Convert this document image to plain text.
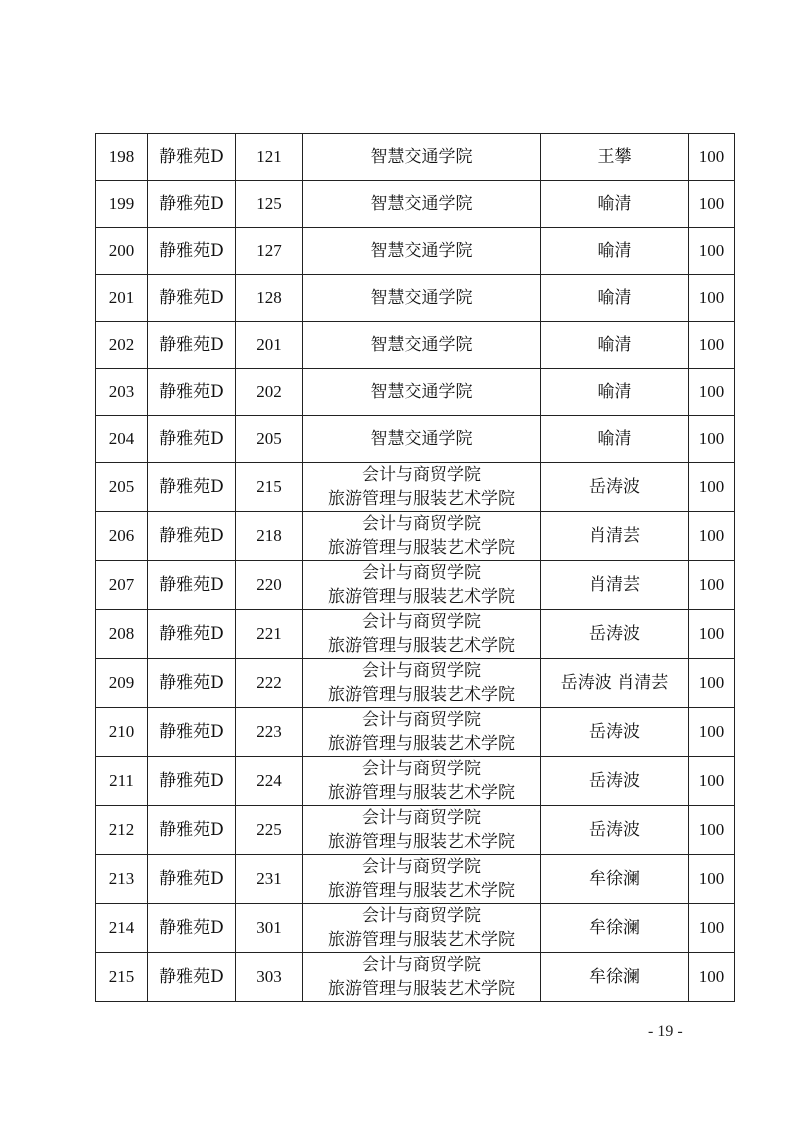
198	静雅苑D	121	智慧交通学院	王攀	100
199	静雅苑D	125	智慧交通学院	喻清	100
200	静雅苑D	127	智慧交通学院	喻清	100
201	静雅苑D	128	智慧交通学院	喻清	100
202	静雅苑D	201	智慧交通学院	喻清	100
203	静雅苑D	202	智慧交通学院	喻清	100
204	静雅苑D	205	智慧交通学院	喻清	100
205	静雅苑D	215	会计与商贸学院
旅游管理与服装艺术学院	岳涛波	100
206	静雅苑D	218	会计与商贸学院
旅游管理与服装艺术学院	肖清芸	100
207	静雅苑D	220	会计与商贸学院
旅游管理与服装艺术学院	肖清芸	100
208	静雅苑D	221	会计与商贸学院
旅游管理与服装艺术学院	岳涛波	100
209	静雅苑D	222	会计与商贸学院
旅游管理与服装艺术学院	岳涛波 肖清芸	100
210	静雅苑D	223	会计与商贸学院
旅游管理与服装艺术学院	岳涛波	100
211	静雅苑D	224	会计与商贸学院
旅游管理与服装艺术学院	岳涛波	100
212	静雅苑D	225	会计与商贸学院
旅游管理与服装艺术学院	岳涛波	100
213	静雅苑D	231	会计与商贸学院
旅游管理与服装艺术学院	牟徐澜	100
214	静雅苑D	301	会计与商贸学院
旅游管理与服装艺术学院	牟徐澜	100
215	静雅苑D	303	会计与商贸学院
旅游管理与服装艺术学院	牟徐澜	100
- 19 -
